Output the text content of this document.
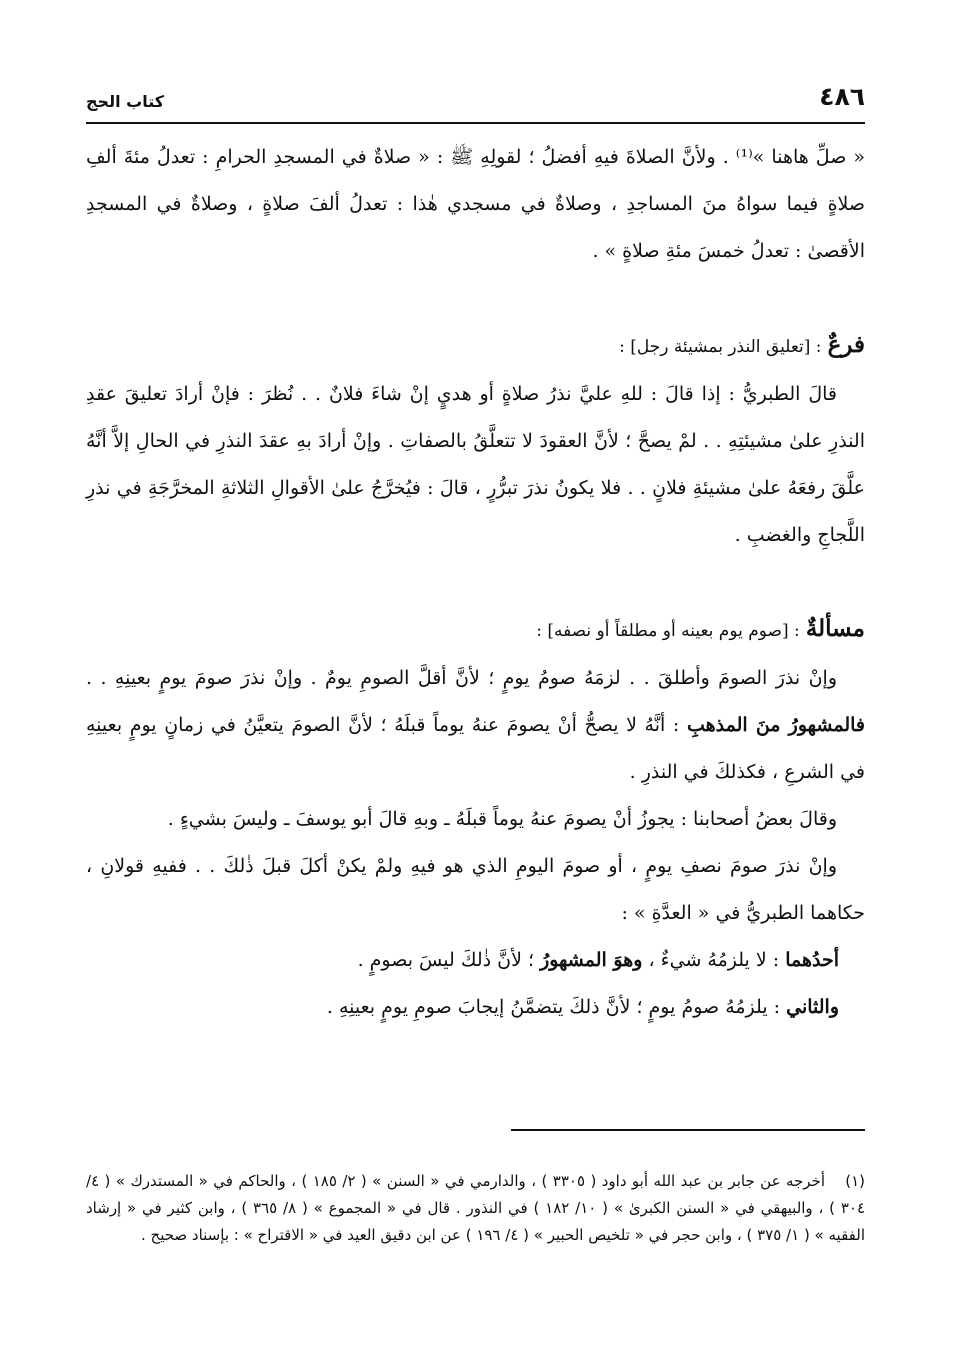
٤٨٦
كتاب الحج

« صلِّ هاهنا »⁽¹⁾ . ولأنَّ الصلاةَ فيهِ أفضلُ ؛ لقولِهِ ﷺ : « صلاةٌ في المسجدِ الحرامِ : تعدلُ مئةَ ألفِ صلاةٍ فيما سواهُ منَ المساجدِ ، وصلاةٌ في مسجدي هٰذا : تعدلُ ألفَ صلاةٍ ، وصلاةٌ في المسجدِ الأقصىٰ : تعدلُ خمسَ مئةِ صلاةٍ » .

فرعٌ : [تعليق النذر بمشيئة رجل] :

قالَ الطبريُّ : إذا قالَ : للهِ عليَّ نذرُ صلاةٍ أو هديٍ إنْ شاءَ فلانٌ . . نُظرَ : فإنْ أرادَ تعليقَ عقدِ النذرِ علىٰ مشيئتِهِ . . لمْ يصحَّ ؛ لأنَّ العقودَ لا تتعلَّقُ بالصفاتِ . وإنْ أرادَ بهِ عقدَ النذرِ في الحالِ إلاَّ أنَّهُ علَّقَ رفعَهُ علىٰ مشيئةِ فلانٍ . . فلا يكونُ نذرَ تبرُّرٍ ، قالَ : فيُخرَّجُ علىٰ الأقوالِ الثلاثةِ المخرَّجَةِ في نذرِ اللَّجاجِ والغضبِ .

مسألةٌ : [صوم يوم بعينه أو مطلقاً أو نصفه] :

وإنْ نذرَ الصومَ وأطلقَ . . لزمَهُ صومُ يومٍ ؛ لأنَّ أقلَّ الصومِ يومٌ . وإنْ نذرَ صومَ يومٍ بعينِهِ . . فالمشهورُ منَ المذهبِ : أنَّهُ لا يصحُّ أنْ يصومَ عنهُ يوماً قبلَهُ ؛ لأنَّ الصومَ يتعيَّنُ في زمانٍ يومٍ بعينِهِ في الشرعِ ، فكذلكَ في النذرِ .

وقالَ بعضُ أصحابنا : يجوزُ أنْ يصومَ عنهُ يوماً قبلَهُ ـ وبهِ قالَ أبو يوسفَ ـ وليسَ بشيءٍ .

وإنْ نذرَ صومَ نصفِ يومٍ ، أو صومَ اليومِ الذي هو فيهِ ولمْ يكنْ أكلَ قبلَ ذٰلكَ . . ففيهِ قولانِ ، حكاهما الطبريُّ في « العدَّةِ » :

أحدُهما : لا يلزمُهُ شيءٌ ، وهوَ المشهورُ ؛ لأنَّ ذٰلكَ ليسَ بصومٍ .

والثاني : يلزمُهُ صومُ يومٍ ؛ لأنَّ ذلكَ يتضمَّنُ إيجابَ صومِ يومٍ بعينِهِ .

(١)أخرجه عن جابر بن عبد الله أبو داود ( ٣٣٠٥ ) ، والدارمي في « السنن » ( ٢/ ١٨٥ ) ، والحاكم في « المستدرك » ( ٤/ ٣٠٤ ) ، والبيهقي في « السنن الكبرىٰ » ( ١٠/ ١٨٢ ) في النذور . قال في « المجموع » ( ٨/ ٣٦٥ ) ، وابن كثير في « إرشاد الفقيه » ( ١/ ٣٧٥ ) ، وابن حجر في « تلخيص الحبير » ( ٤/ ١٩٦ ) عن ابن دقيق العيد في « الاقتراح » : بإسناد صحيح .
